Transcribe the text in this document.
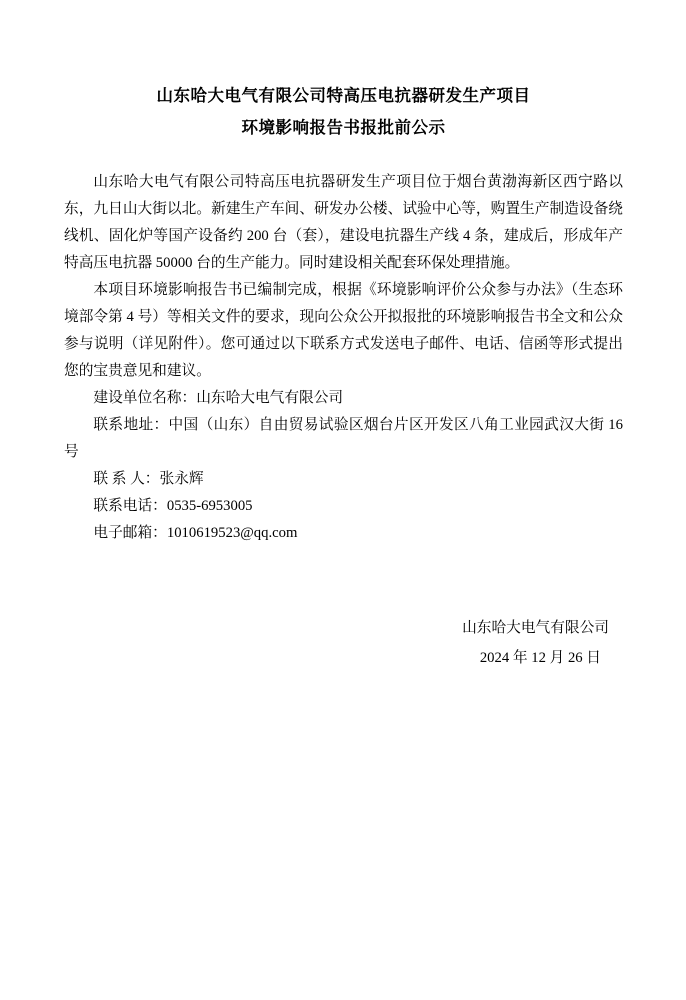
山东哈大电气有限公司特高压电抗器研发生产项目
环境影响报告书报批前公示

山东哈大电气有限公司特高压电抗器研发生产项目位于烟台黄渤海新区西宁路以东，九日山大街以北。新建生产车间、研发办公楼、试验中心等，购置生产制造设备绕线机、固化炉等国产设备约 200 台（套），建设电抗器生产线 4 条，建成后，形成年产特高压电抗器 50000 台的生产能力。同时建设相关配套环保处理措施。

本项目环境影响报告书已编制完成，根据《环境影响评价公众参与办法》（生态环境部令第 4 号）等相关文件的要求，现向公众公开拟报批的环境影响报告书全文和公众参与说明（详见附件）。您可通过以下联系方式发送电子邮件、电话、信函等形式提出您的宝贵意见和建议。

建设单位名称：山东哈大电气有限公司
联系地址：中国（山东）自由贸易试验区烟台片区开发区八角工业园武汉大街 16 号
联 系 人：张永辉
联系电话：0535-6953005
电子邮箱：1010619523@qq.com
山东哈大电气有限公司
2024 年 12 月 26 日
